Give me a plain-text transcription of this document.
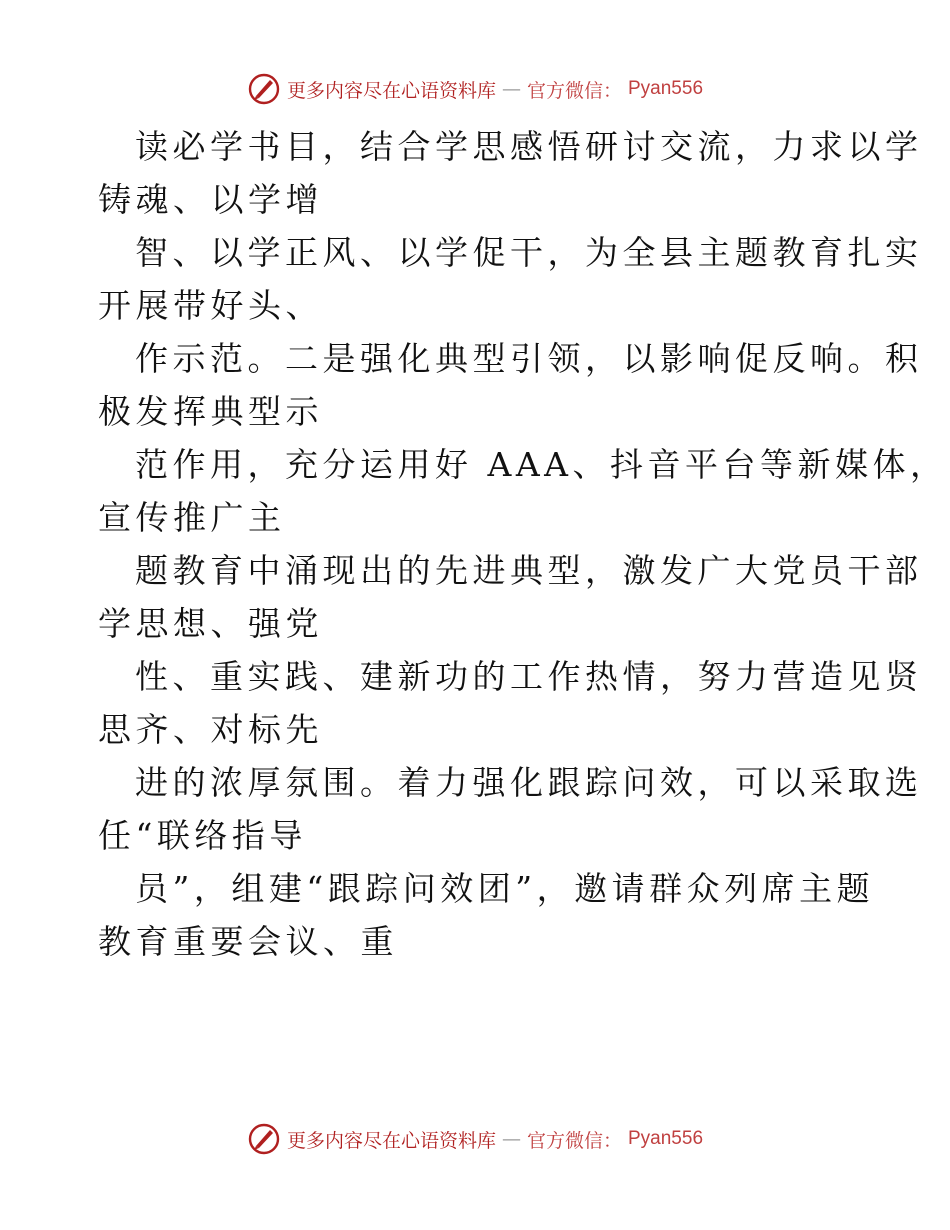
更多内容尽在心语资料库 — 官方微信： Pyan556
读必学书目，结合学思感悟研讨交流，力求以学
铸魂、以学增
智、以学正风、以学促干，为全县主题教育扎实
开展带好头、
作示范。二是强化典型引领，以影响促反响。积
极发挥典型示
范作用，充分运用好 AAA、抖音平台等新媒体，
宣传推广主
题教育中涌现出的先进典型，激发广大党员干部
学思想、强党
性、重实践、建新功的工作热情，努力营造见贤
思齐、对标先
进的浓厚氛围。着力强化跟踪问效，可以采取选
任“联络指导
员”，组建“跟踪问效团”，邀请群众列席主题
教育重要会议、重
更多内容尽在心语资料库 — 官方微信： Pyan556
